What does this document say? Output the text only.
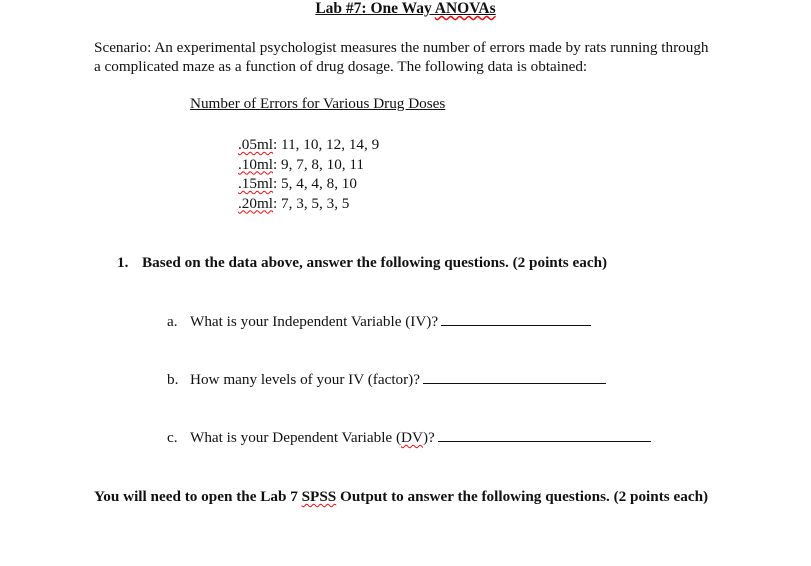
Lab #7: One Way ANOVAs
Scenario: An experimental psychologist measures the number of errors made by rats running through a complicated maze as a function of drug dosage. The following data is obtained:
Number of Errors for Various Drug Doses
.05ml: 11, 10, 12, 14, 9
.10ml: 9, 7, 8, 10, 11
.15ml: 5, 4, 4, 8, 10
.20ml: 7, 3, 5, 3, 5
1. Based on the data above, answer the following questions. (2 points each)
a. What is your Independent Variable (IV)?
b. How many levels of your IV (factor)?
c. What is your Dependent Variable (DV)?
You will need to open the Lab 7 SPSS Output to answer the following questions. (2 points each)
